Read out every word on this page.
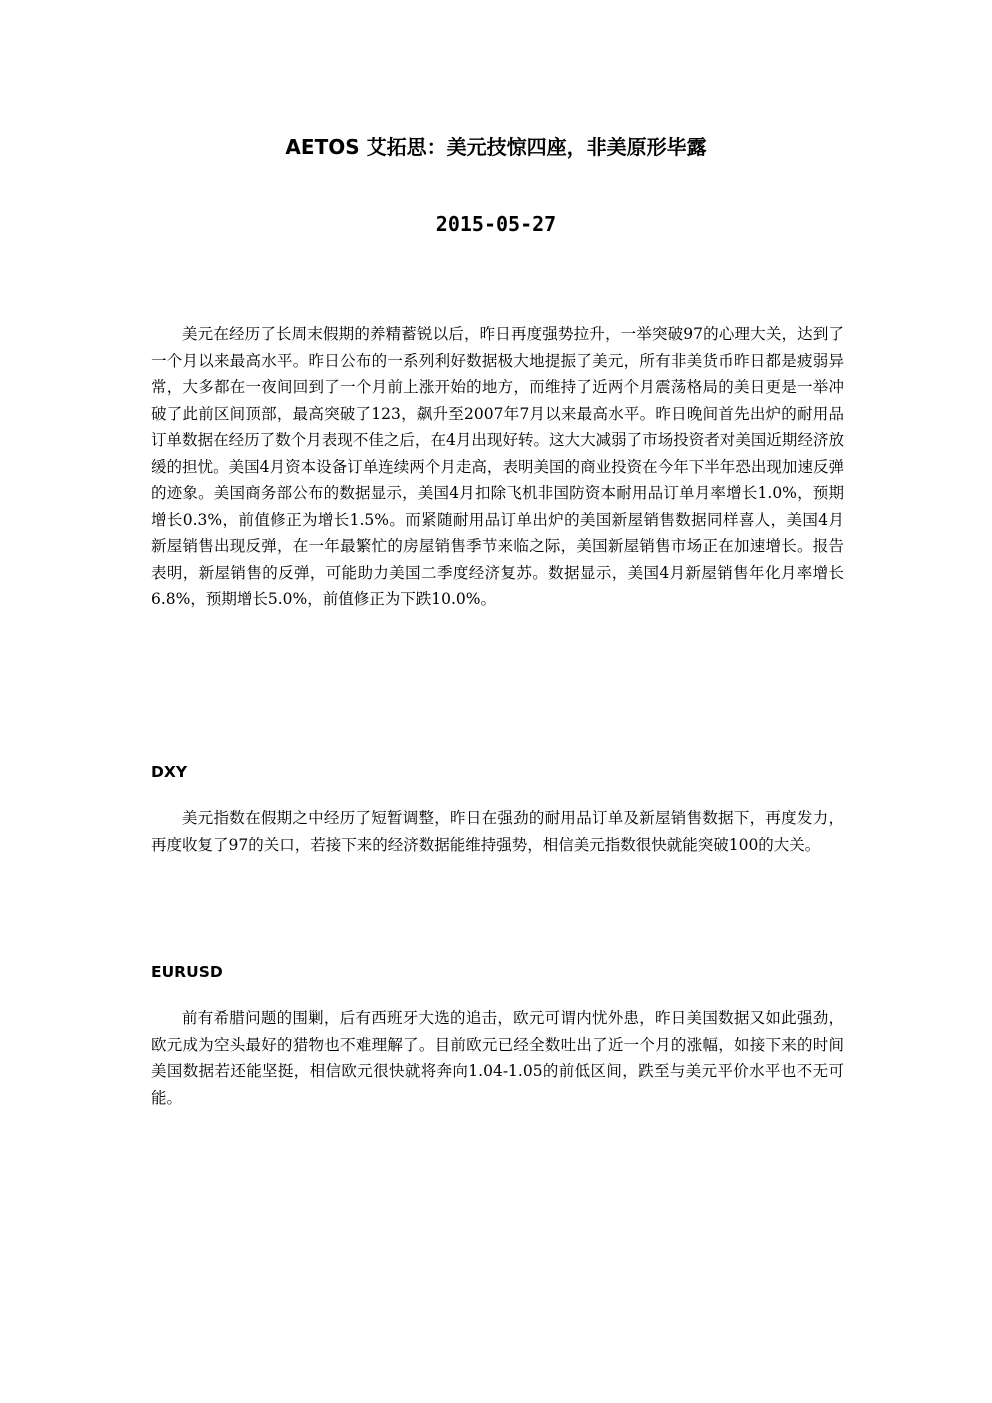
AETOS 艾拓思：美元技惊四座，非美原形毕露
2015-05-27

美元在经历了长周末假期的养精蓄锐以后，昨日再度强势拉升，一举突破97的心理大关，达到了一个月以来最高水平。昨日公布的一系列利好数据极大地提振了美元，所有非美货币昨日都是疲弱异常，大多都在一夜间回到了一个月前上涨开始的地方，而维持了近两个月震荡格局的美日更是一举冲破了此前区间顶部，最高突破了123，飙升至2007年7月以来最高水平。昨日晚间首先出炉的耐用品订单数据在经历了数个月表现不佳之后，在4月出现好转。这大大减弱了市场投资者对美国近期经济放缓的担忧。美国4月资本设备订单连续两个月走高，表明美国的商业投资在今年下半年恐出现加速反弹的迹象。美国商务部公布的数据显示，美国4月扣除飞机非国防资本耐用品订单月率增长1.0%，预期增长0.3%，前值修正为增长1.5%。而紧随耐用品订单出炉的美国新屋销售数据同样喜人，美国4月新屋销售出现反弹，在一年最繁忙的房屋销售季节来临之际，美国新屋销售市场正在加速增长。报告表明，新屋销售的反弹，可能助力美国二季度经济复苏。数据显示，美国4月新屋销售年化月率增长6.8%，预期增长5.0%，前值修正为下跌10.0%。

DXY

美元指数在假期之中经历了短暂调整，昨日在强劲的耐用品订单及新屋销售数据下，再度发力，再度收复了97的关口，若接下来的经济数据能维持强势，相信美元指数很快就能突破100的大关。

EURUSD

前有希腊问题的围剿，后有西班牙大选的追击，欧元可谓内忧外患，昨日美国数据又如此强劲，欧元成为空头最好的猎物也不难理解了。目前欧元已经全数吐出了近一个月的涨幅，如接下来的时间美国数据若还能坚挺，相信欧元很快就将奔向1.04-1.05的前低区间，跌至与美元平价水平也不无可能。
